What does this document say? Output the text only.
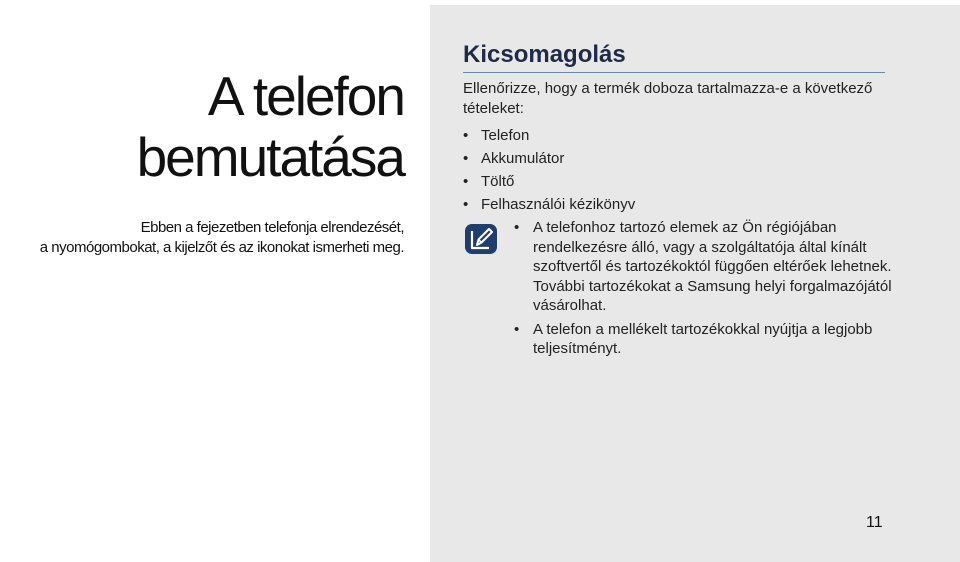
A telefon
bemutatása

Ebben a fejezetben telefonja elrendezését,
a nyomógombokat, a kijelzőt és az ikonokat ismerheti meg.

Kicsomagolás

Ellenőrizze, hogy a termék doboza tartalmazza-e a következő tételeket:

• Telefon
• Akkumulátor
• Töltő
• Felhasználói kézikönyv
• A telefonhoz tartozó elemek az Ön régiójában rendelkezésre álló, vagy a szolgáltatója által kínált szoftvertől és tartozékoktól függően eltérőek lehetnek. További tartozékokat a Samsung helyi forgalmazójától vásárolhat.
• A telefon a mellékelt tartozékokkal nyújtja a legjobb teljesítményt.
11
